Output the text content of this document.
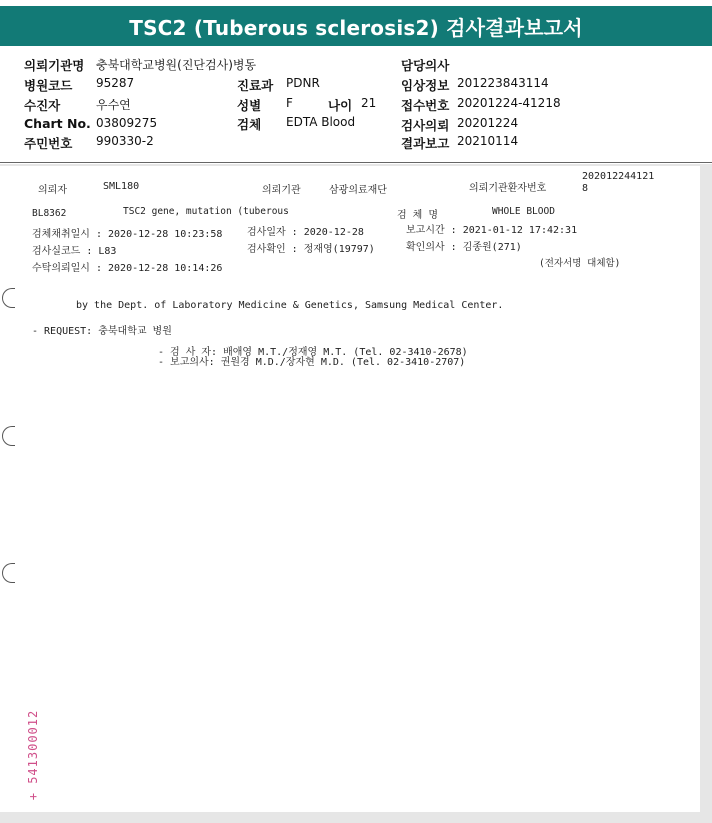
TSC2 (Tuberous sclerosis2) 검사결과보고서
의뢰기관명 충북대학교병원(진단검사)병동	담당의사
병원코드 95287	진료과 PDNR	임상정보 201223843114
수진자	우수연	성별 F	나이 21 접수번호 20201224-41218
Chart No. 03809275	검체 EDTA Blood	검사의뢰 20201224
주민번호 990330-2	결과보고 20210114
의뢰자	SML180	의뢰기관	삼광의료재단	의뢰기관환자번호
202012244121
8
BL8362	TSC2 gene, mutation (tuberous	검 체 명	WHOLE BLOOD
검체채취일시 : 2020-12-28 10:23:58 검사일자 : 2020-12-28	보고시간 : 2021-01-12 17:42:31
검사실코드 : L83	검사확인 : 정재영(19797)	확인의사 : 김종원(271)
수탁의뢰일시 : 2020-12-28 10:14:26	(전자서명 대체함)
by the Dept. of Laboratory Medicine & Genetics, Samsung Medical Center.
- REQUEST: 충북대학교 병원
- 검 사 자: 배애영 M.T./정재영 M.T. (Tel. 02-3410-2678)
- 보고의사: 권원경 M.D./장자현 M.D. (Tel. 02-3410-2707)
+ 541300012
